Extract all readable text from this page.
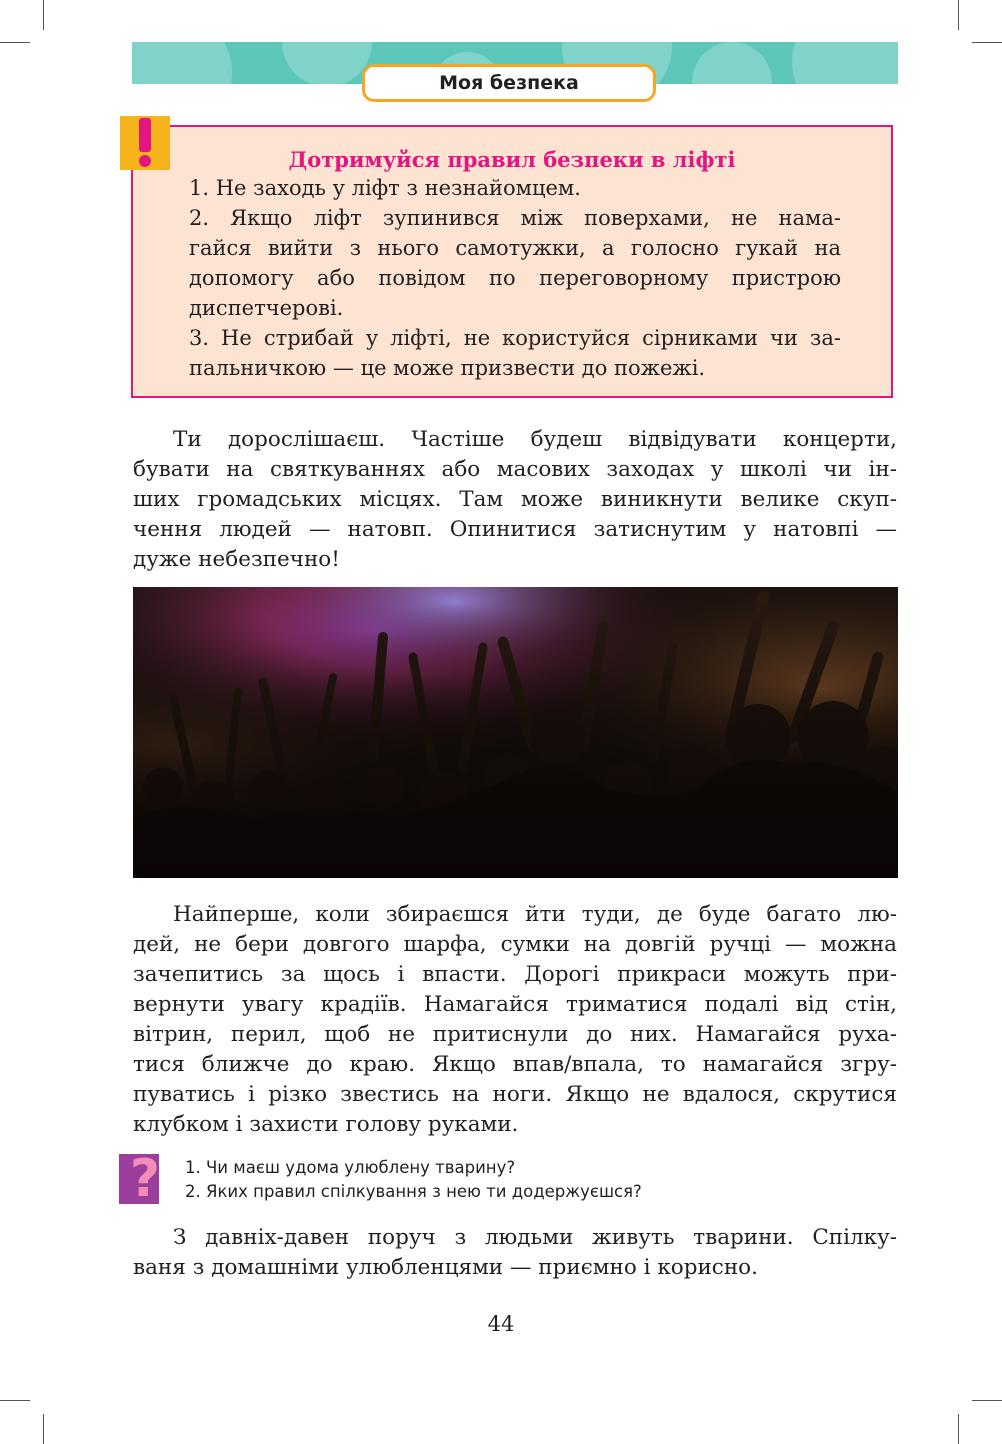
Моя безпека
Дотримуйся правил безпеки в ліфті
1. Не заходь у ліфт з незнайомцем.
2. Якщо ліфт зупинився між поверхами, не нама-
гайся вийти з нього самотужки, а голосно гукай на
допомогу або повідом по переговорному пристрою
диспетчерові.
3. Не стрибай у ліфті, не користуйся сірниками чи за-
пальничкою — це може призвести до пожежі.
Ти дорослішаєш. Частіше будеш відвідувати концерти,
бувати на святкуваннях або масових заходах у школі чи ін-
ших громадських місцях. Там може виникнути велике скуп-
чення людей — натовп. Опинитися затиснутим у натовпі —
дуже небезпечно!
Найперше, коли збираєшся йти туди, де буде багато лю-
дей, не бери довгого шарфа, сумки на довгій ручці — можна
зачепитись за щось і впасти. Дорогі прикраси можуть при-
вернути увагу крадіїв. Намагайся триматися подалі від стін,
вітрин, перил, щоб не притиснули до них. Намагайся руха-
тися ближче до краю. Якщо впав/впала, то намагайся згру-
пуватись і різко звестись на ноги. Якщо не вдалося, скрутися
клубком і захисти голову руками.
? 1. Чи маєш удома улюблену тварину?
2. Яких правил спілкування з нею ти додержуєшся?
З давніх-давен поруч з людьми живуть тварини. Спілку-
ваня з домашніми улюбленцями — приємно і корисно.
44
